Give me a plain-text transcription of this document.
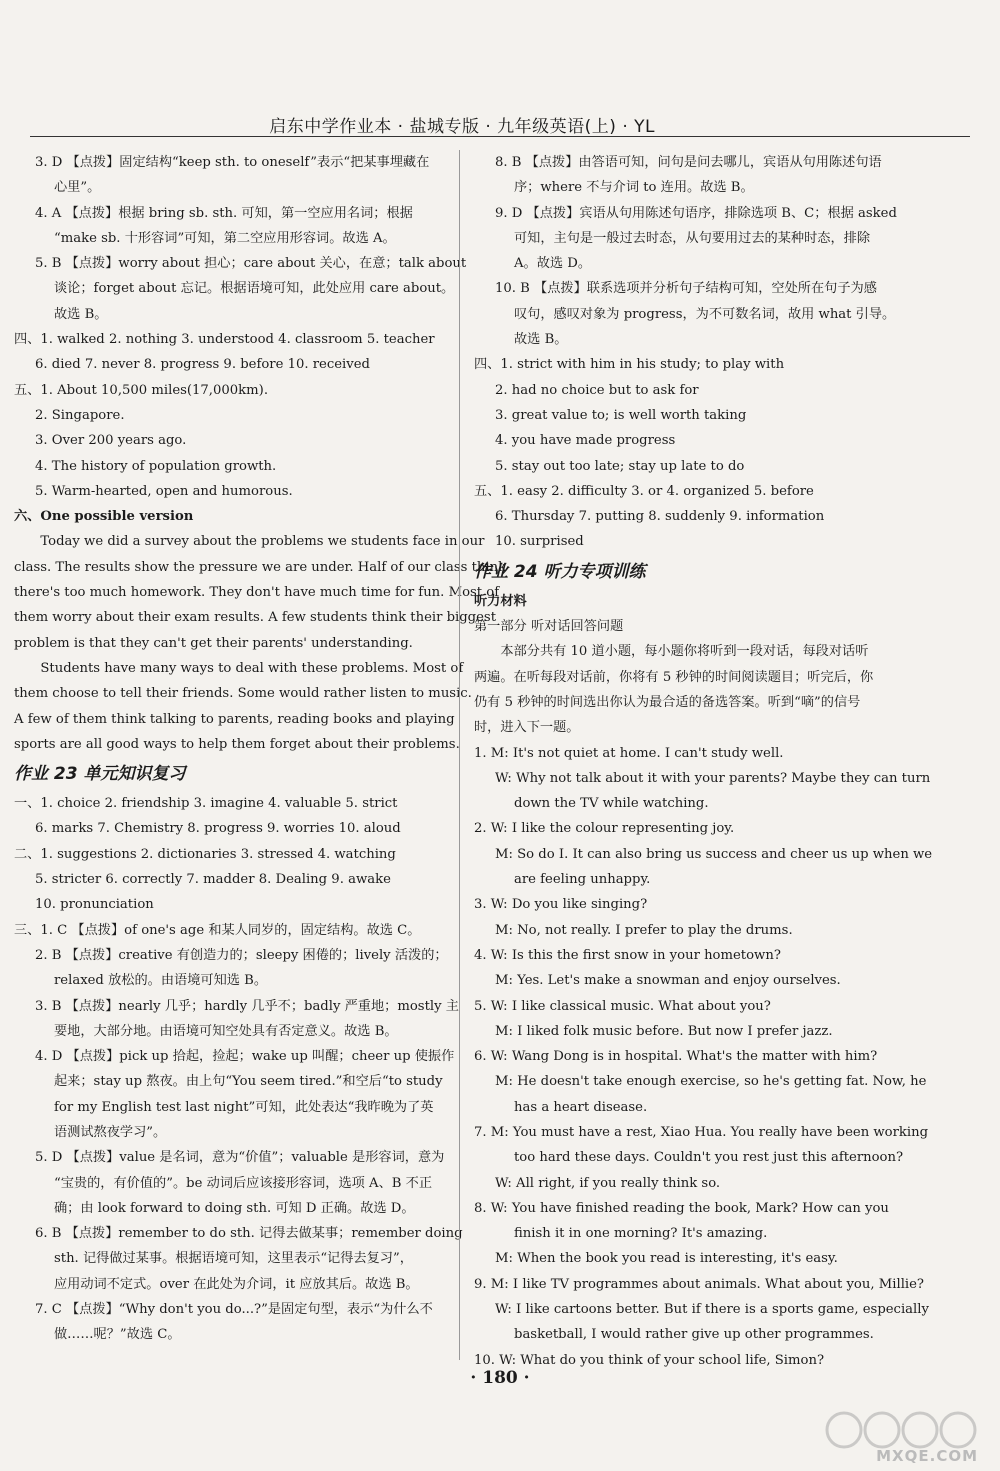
启东中学作业本 · 盐城专版 · 九年级英语(上) · YL
3. D 【点拨】固定结构“keep sth. to oneself”表示“把某事埋藏在
心里”。
4. A 【点拨】根据 bring sb. sth. 可知，第一空应用名词；根据
“make sb. 十形容词”可知，第二空应用形容词。故选 A。
5. B 【点拨】worry about 担心；care about 关心，在意；talk about
谈论；forget about 忘记。根据语境可知，此处应用 care about。
故选 B。
四、1. walked 2. nothing 3. understood 4. classroom 5. teacher
6. died 7. never 8. progress 9. before 10. received
五、1. About 10,500 miles(17,000km).
2. Singapore.
3. Over 200 years ago.
4. The history of population growth.
5. Warm-hearted, open and humorous.
六、One possible version
Today we did a survey about the problems we students face in our
class. The results show the pressure we are under. Half of our class think
there's too much homework. They don't have much time for fun. Most of
them worry about their exam results. A few students think their biggest
problem is that they can't get their parents' understanding.
Students have many ways to deal with these problems. Most of
them choose to tell their friends. Some would rather listen to music.
A few of them think talking to parents, reading books and playing
sports are all good ways to help them forget about their problems.
作业 23 单元知识复习
一、1. choice 2. friendship 3. imagine 4. valuable 5. strict
6. marks 7. Chemistry 8. progress 9. worries 10. aloud
二、1. suggestions 2. dictionaries 3. stressed 4. watching
5. stricter 6. correctly 7. madder 8. Dealing 9. awake
10. pronunciation
三、1. C 【点拨】of one's age 和某人同岁的，固定结构。故选 C。
2. B 【点拨】creative 有创造力的；sleepy 困倦的；lively 活泼的；
relaxed 放松的。由语境可知选 B。
3. B 【点拨】nearly 几乎；hardly 几乎不；badly 严重地；mostly 主
要地，大部分地。由语境可知空处具有否定意义。故选 B。
4. D 【点拨】pick up 拾起，捡起；wake up 叫醒；cheer up 使振作
起来；stay up 熬夜。由上句“You seem tired.”和空后“to study
for my English test last night”可知，此处表达“我昨晚为了英
语测试熬夜学习”。
5. D 【点拨】value 是名词，意为“价值”；valuable 是形容词，意为
“宝贵的，有价值的”。be 动词后应该接形容词，选项 A、B 不正
确；由 look forward to doing sth. 可知 D 正确。故选 D。
6. B 【点拨】remember to do sth. 记得去做某事；remember doing
sth. 记得做过某事。根据语境可知，这里表示“记得去复习”，
应用动词不定式。over 在此处为介词，it 应放其后。故选 B。
7. C 【点拨】“Why don't you do...?”是固定句型，表示“为什么不
做……呢？”故选 C。
8. B 【点拨】由答语可知，问句是问去哪儿，宾语从句用陈述句语
序；where 不与介词 to 连用。故选 B。
9. D 【点拨】宾语从句用陈述句语序，排除选项 B、C；根据 asked
可知，主句是一般过去时态，从句要用过去的某种时态，排除
A。故选 D。
10. B 【点拨】联系选项并分析句子结构可知，空处所在句子为感
叹句，感叹对象为 progress，为不可数名词，故用 what 引导。
故选 B。
四、1. strict with him in his study; to play with
2. had no choice but to ask for
3. great value to; is well worth taking
4. you have made progress
5. stay out too late; stay up late to do
五、1. easy 2. difficulty 3. or 4. organized 5. before
6. Thursday 7. putting 8. suddenly 9. information
10. surprised
作业 24 听力专项训练
听力材料
第一部分 听对话回答问题
本部分共有 10 道小题，每小题你将听到一段对话，每段对话听
两遍。在听每段对话前，你将有 5 秒钟的时间阅读题目；听完后，你
仍有 5 秒钟的时间选出你认为最合适的备选答案。听到“嘀”的信号
时，进入下一题。
1. M: It's not quiet at home. I can't study well.
W: Why not talk about it with your parents? Maybe they can turn
down the TV while watching.
2. W: I like the colour representing joy.
M: So do I. It can also bring us success and cheer us up when we
are feeling unhappy.
3. W: Do you like singing?
M: No, not really. I prefer to play the drums.
4. W: Is this the first snow in your hometown?
M: Yes. Let's make a snowman and enjoy ourselves.
5. W: I like classical music. What about you?
M: I liked folk music before. But now I prefer jazz.
6. W: Wang Dong is in hospital. What's the matter with him?
M: He doesn't take enough exercise, so he's getting fat. Now, he
has a heart disease.
7. M: You must have a rest, Xiao Hua. You really have been working
too hard these days. Couldn't you rest just this afternoon?
W: All right, if you really think so.
8. W: You have finished reading the book, Mark? How can you
finish it in one morning? It's amazing.
M: When the book you read is interesting, it's easy.
9. M: I like TV programmes about animals. What about you, Millie?
W: I like cartoons better. But if there is a sports game, especially
basketball, I would rather give up other programmes.
10. W: What do you think of your school life, Simon?
· 180 ·
MXQE.COM
